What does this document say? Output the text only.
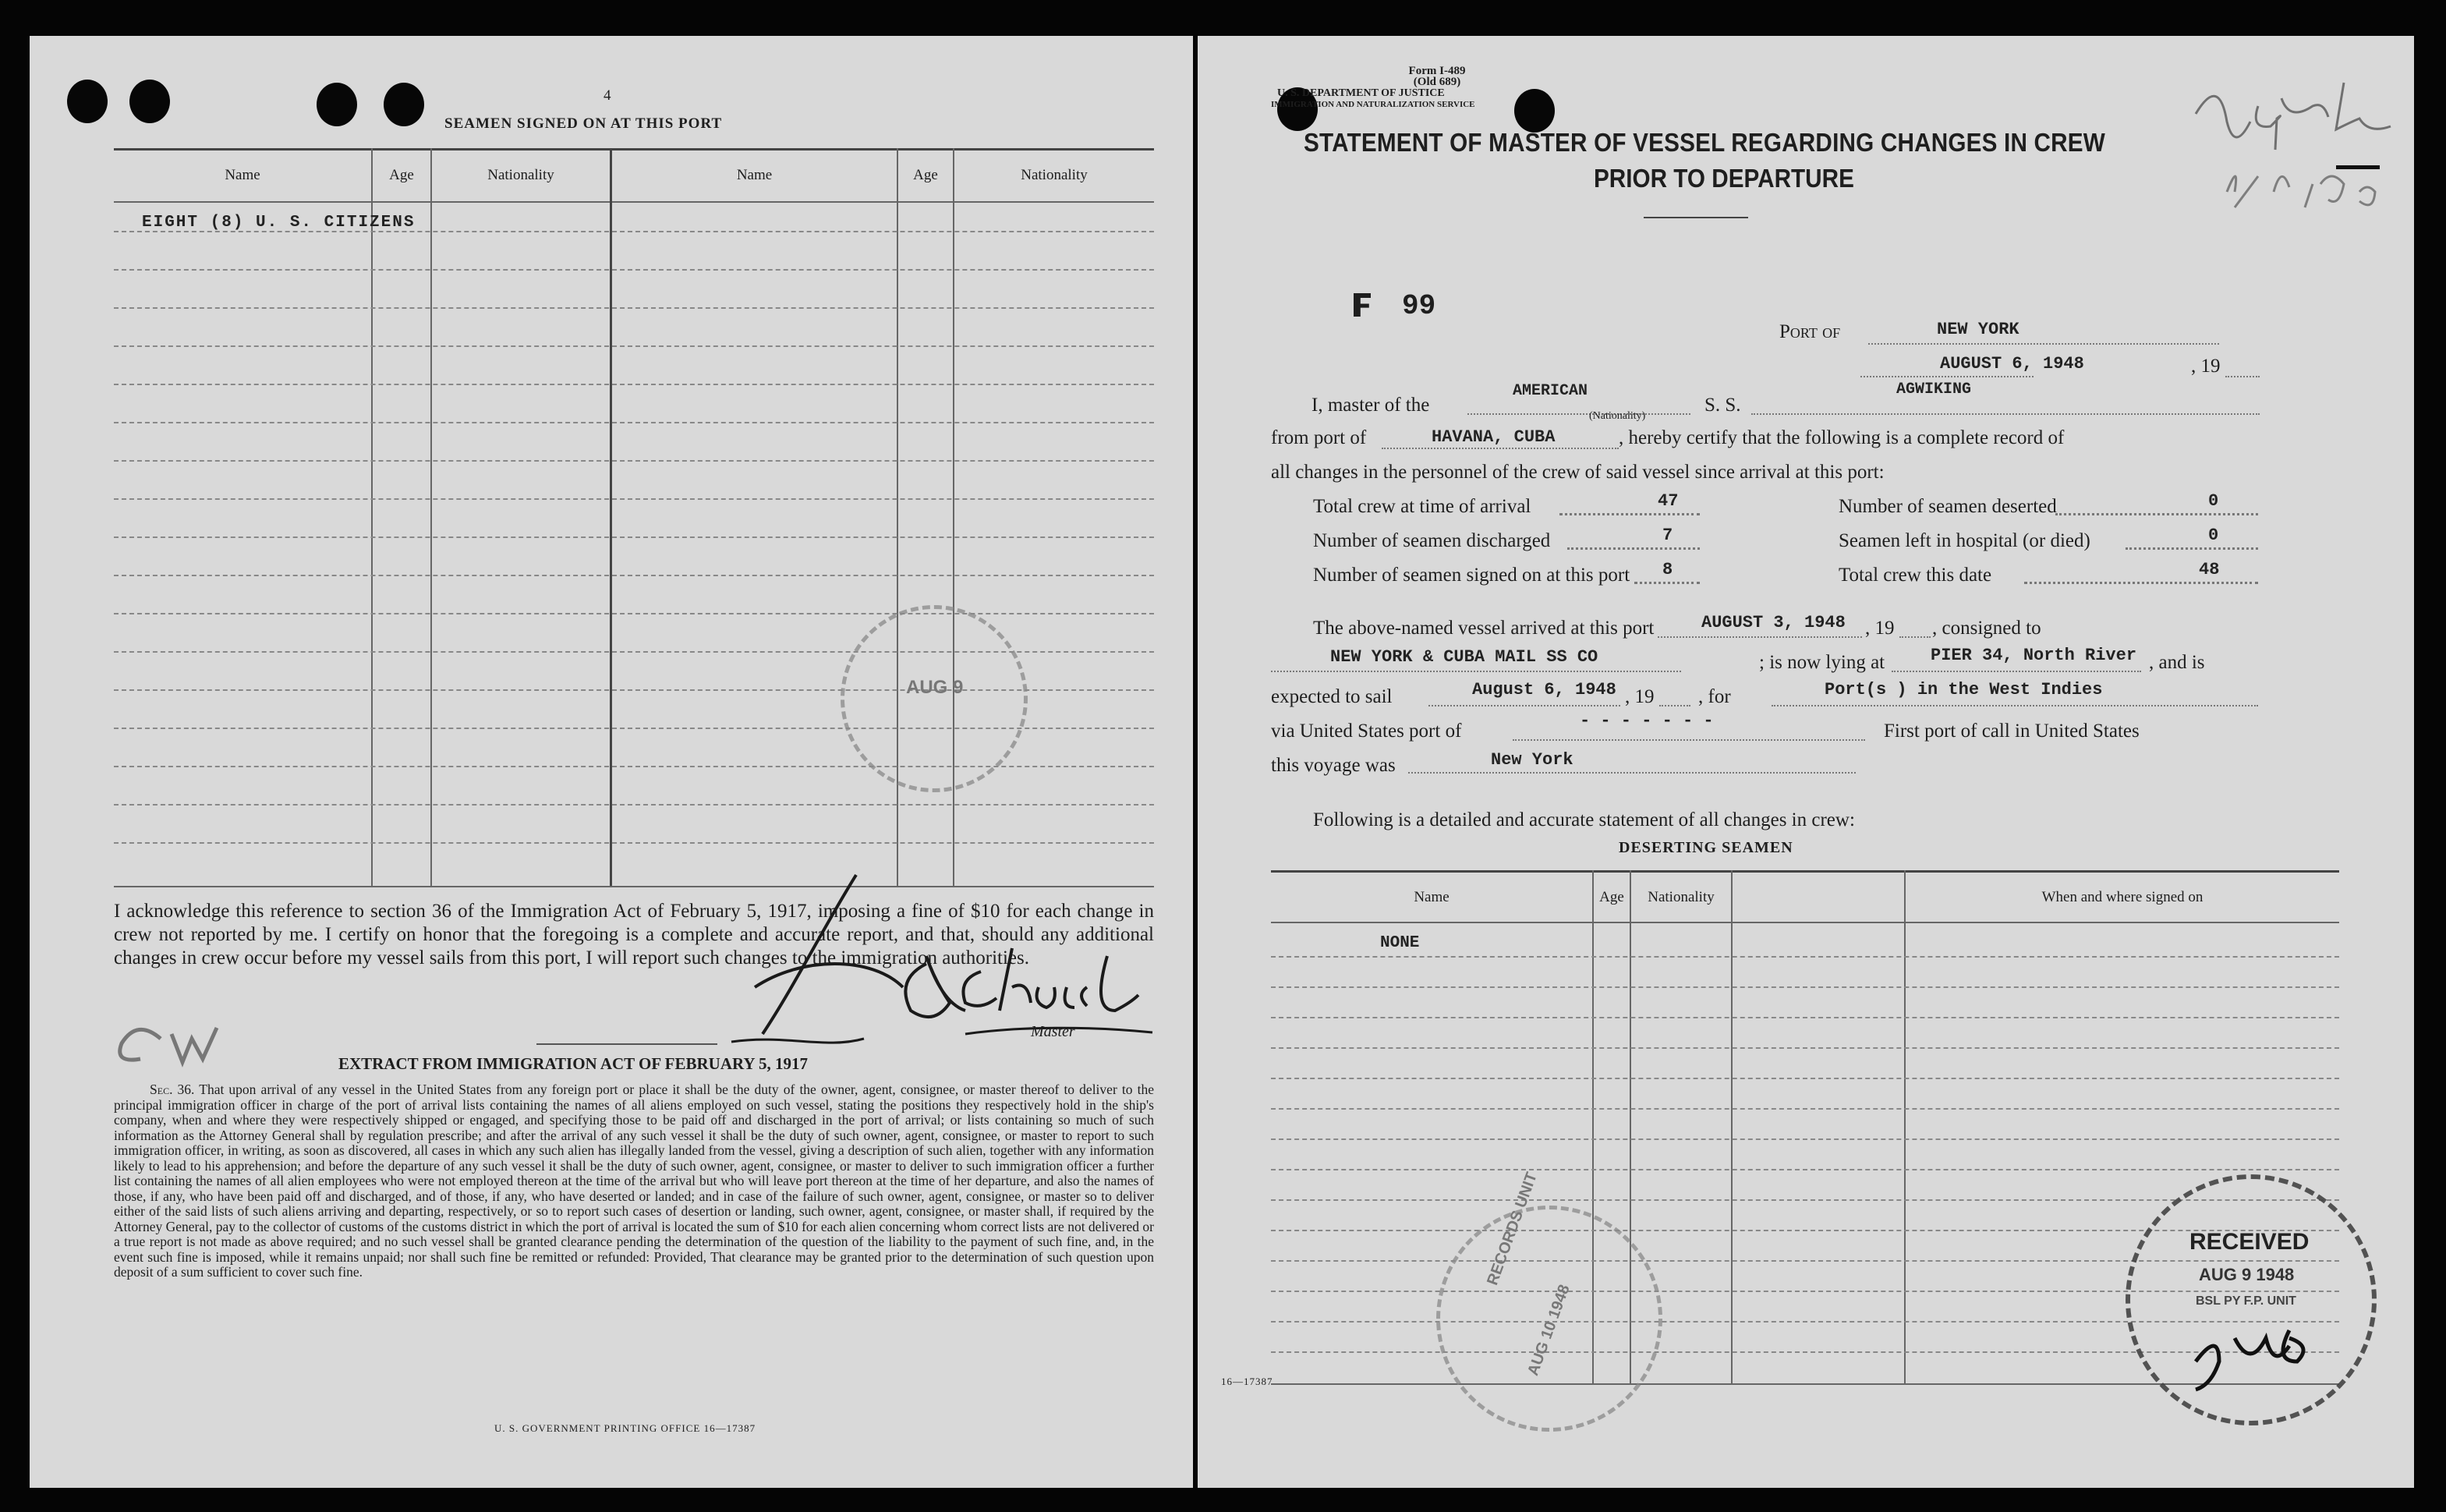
4
SEAMEN SIGNED ON AT THIS PORT
Name	Age	Nationality	Name	Age	Nationality
EIGHT (8) U. S. CITIZENS
AUG 9
I acknowledge this reference to section 36 of the Immigration Act of February 5, 1917, imposing a fine of $10 for each change in crew not reported by me. I certify on honor that the foregoing is a complete and accurate report, and that, should any additional changes in crew occur before my vessel sails from this port, I will report such changes to the immigration authorities.
Master
EXTRACT FROM IMMIGRATION ACT OF FEBRUARY 5, 1917
Sec. 36. That upon arrival of any vessel in the United States from any foreign port or place it shall be the duty of the owner, agent, consignee, or master thereof to deliver to the principal immigration officer in charge of the port of arrival lists containing the names of all aliens employed on such vessel, stating the positions they respectively hold in the ship's company, when and where they were respectively shipped or engaged, and specifying those to be paid off and discharged in the port of arrival; or lists containing so much of such information as the Attorney General shall by regulation prescribe; and after the arrival of any such vessel it shall be the duty of such owner, agent, consignee, or master to report to such immigration officer, in writing, as soon as discovered, all cases in which any such alien has illegally landed from the vessel, giving a description of such alien, together with any information likely to lead to his apprehension; and before the departure of any such vessel it shall be the duty of such owner, agent, consignee, or master to deliver to such immigration officer a further list containing the names of all alien employees who were not employed thereon at the time of the arrival but who will leave port thereon at the time of her departure, and also the names of those, if any, who have been paid off and discharged, and of those, if any, who have deserted or landed; and in case of the failure of such owner, agent, consignee, or master so to deliver either of the said lists of such aliens arriving and departing, respectively, or so to report such cases of desertion or landing, such owner, agent, consignee, or master shall, if required by the Attorney General, pay to the collector of customs of the customs district in which the port of arrival is located the sum of $10 for each alien concerning whom correct lists are not delivered or a true report is not made as above required; and no such vessel shall be granted clearance pending the determination of the question of the liability to the payment of such fine, and, in the event such fine is imposed, while it remains unpaid; nor shall such fine be remitted or refunded: Provided, That clearance may be granted prior to the determination of such question upon deposit of a sum sufficient to cover such fine.
U. S. GOVERNMENT PRINTING OFFICE 16—17387
Form I-489
(Old 689)
U. S. DEPARTMENT OF JUSTICE
IMMIGRATION AND NATURALIZATION SERVICE
STATEMENT OF MASTER OF VESSEL REGARDING CHANGES IN CREW
PRIOR TO DEPARTURE
99
Port of	NEW YORK
AUGUST 6, 1948	, 19
I, master of the
AMERICAN
(Nationality)
S. S.
AGWIKING
from port of	HAVANA, CUBA	, hereby certify that the following is a complete record of
all changes in the personnel of the crew of said vessel since arrival at this port:
Total crew at time of arrival	47	Number of seamen deserted	0
Number of seamen discharged	7	Seamen left in hospital (or died)	0
Number of seamen signed on at this port 8	Total crew this date	48
The above-named vessel arrived at this port	AUGUST 3, 1948 , 19 , consigned to
NEW YORK & CUBA MAIL SS CO	; is now lying at	PIER 34, North River , and is
expected to sail	August 6, 1948 , 19 , for	Port(s ) in the West Indies
via United States port of	- - - - - - -	First port of call in United States
this voyage was	New York
Following is a detailed and accurate statement of all changes in crew:
DESERTING SEAMEN
Name	Age	Nationality	When and where signed on
NONE
RECORDS UNIT
AUG 10 1948
RECEIVED
AUG 9 1948
BSL PY F.P. UNIT
16—17387
